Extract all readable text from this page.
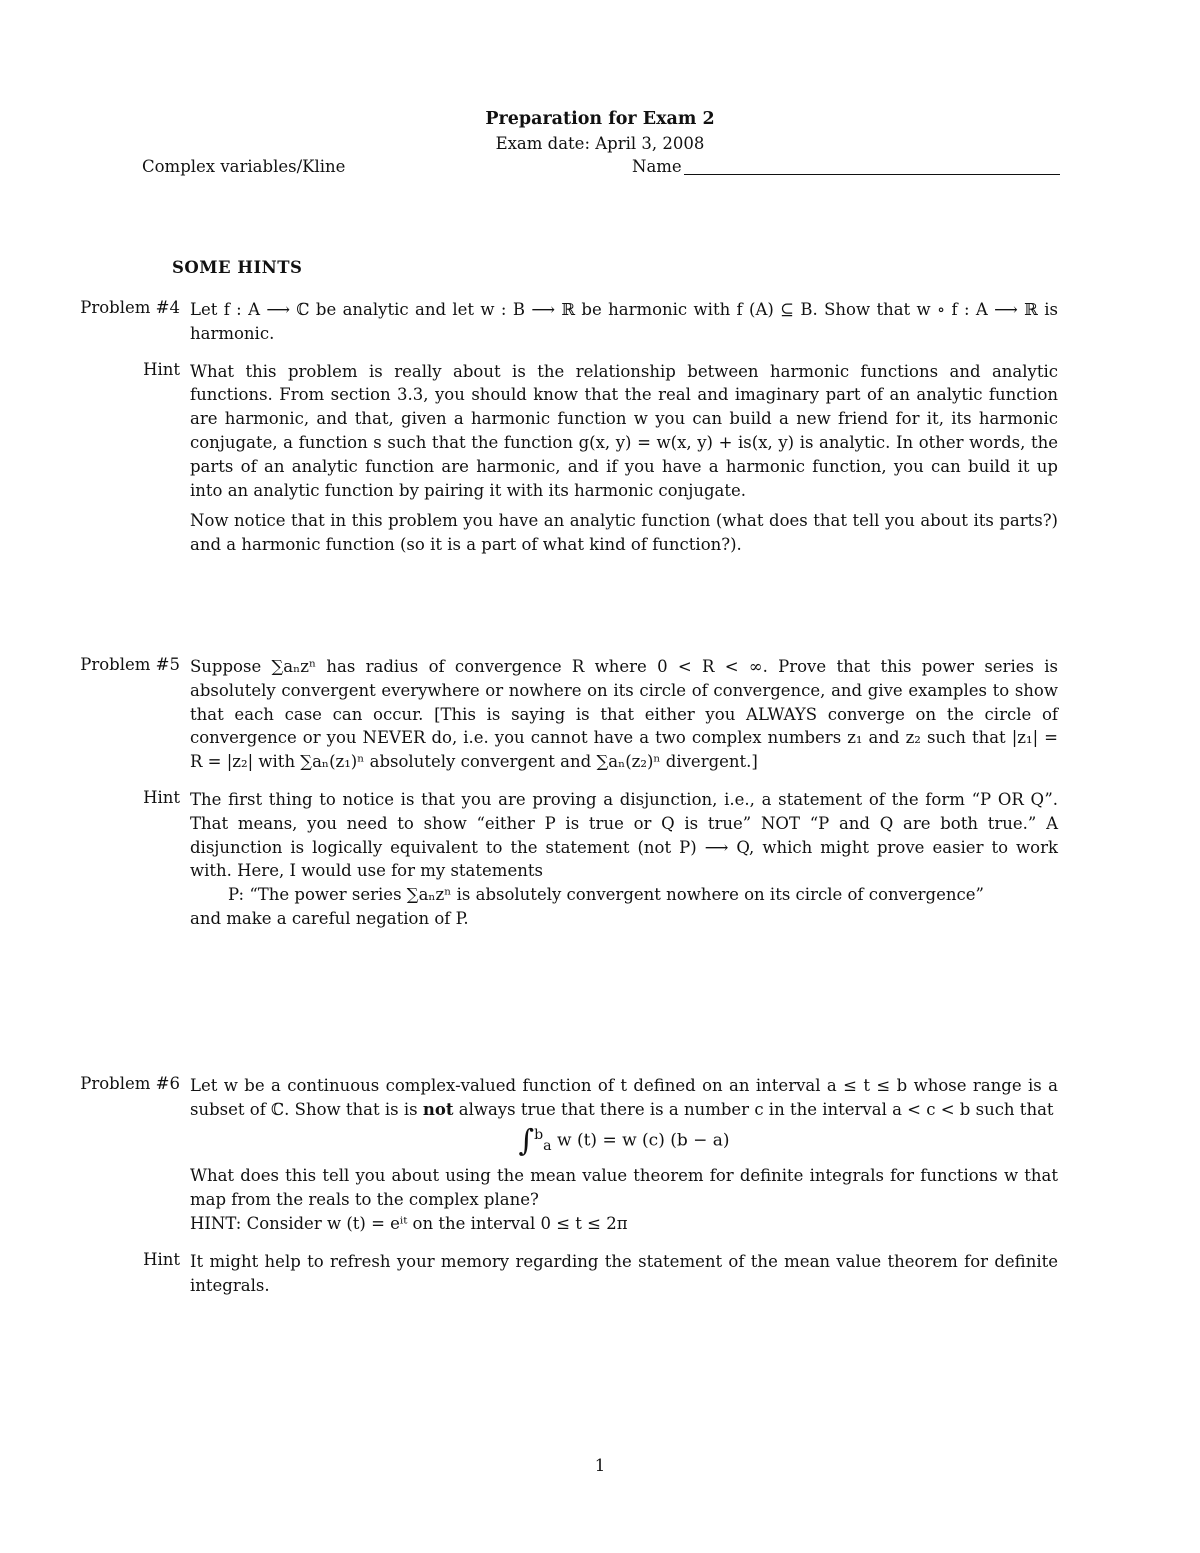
Preparation for Exam 2
Exam date: April 3, 2008
Complex variables/Kline	Name
SOME HINTS
Problem #4 Let f : A ⟶ ℂ be analytic and let w : B ⟶ ℝ be harmonic with f (A) ⊆ B. Show that w ∘ f : A ⟶ ℝ is harmonic.

Hint What this problem is really about is the relationship between harmonic functions and analytic functions. From section 3.3, you should know that the real and imaginary part of an analytic function are harmonic, and that, given a harmonic function w you can build a new friend for it, its harmonic conjugate, a function s such that the function g(x, y) = w(x, y) + is(x, y) is analytic. In other words, the parts of an analytic function are harmonic, and if you have a harmonic function, you can build it up into an analytic function by pairing it with its harmonic conjugate.

Now notice that in this problem you have an analytic function (what does that tell you about its parts?) and a harmonic function (so it is a part of what kind of function?).

Problem #5 Suppose ∑aₙzⁿ has radius of convergence R where 0 < R < ∞. Prove that this power series is absolutely convergent everywhere or nowhere on its circle of convergence, and give examples to show that each case can occur. [This is saying is that either you ALWAYS converge on the circle of convergence or you NEVER do, i.e. you cannot have a two complex numbers z₁ and z₂ such that |z₁| = R = |z₂| with ∑aₙ(z₁)ⁿ absolutely convergent and ∑aₙ(z₂)ⁿ divergent.]

Hint The first thing to notice is that you are proving a disjunction, i.e., a statement of the form “P OR Q”. That means, you need to show “either P is true or Q is true” NOT “P and Q are both true.” A disjunction is logically equivalent to the statement (not P) ⟶ Q, which might prove easier to work with. Here, I would use for my statements

P: “The power series ∑aₙzⁿ is absolutely convergent nowhere on its circle of convergence”

and make a careful negation of P.

Problem #6 Let w be a continuous complex-valued function of t defined on an interval a ≤ t ≤ b whose range is a subset of ℂ. Show that is is not always true that there is a number c in the interval a < c < b such that

∫$^b_a$ w (t) = w (c) (b − a)

What does this tell you about using the mean value theorem for definite integrals for functions w that map from the reals to the complex plane?

HINT: Consider w (t) = eⁱᵗ on the interval 0 ≤ t ≤ 2π

Hint It might help to refresh your memory regarding the statement of the mean value theorem for definite integrals.

1
